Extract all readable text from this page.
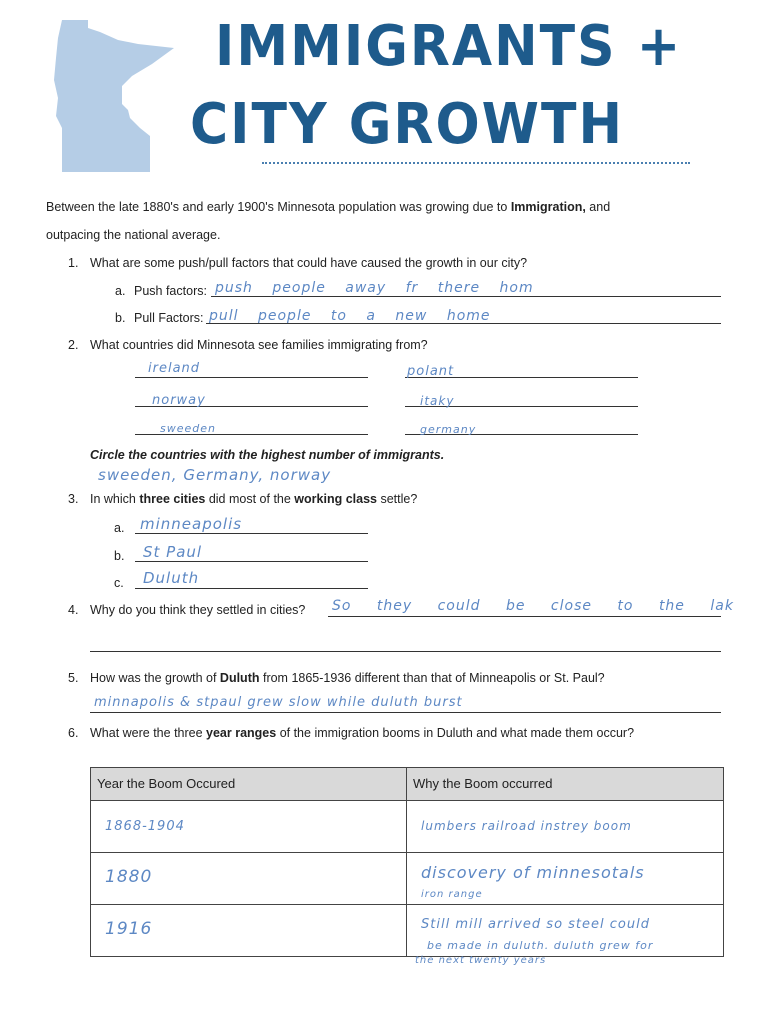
IMMIGRANTS +
CITY GROWTH
Between the late 1880's and early 1900's Minnesota population was growing due to Immigration, and
outpacing the national average.
1. What are some push/pull factors that could have caused the growth in our city?
a. Push factors: push people away fr there hom
b. Pull Factors: pull people to a new home
2. What countries did Minnesota see families immigrating from?
ireland	polant
norway	itaky
sweeden	germany
Circle the countries with the highest number of immigrants.
sweeden, Germany, norway
3. In which three cities did most of the working class settle?
a. minneapolis
b. St Paul
c. Duluth
4. Why do you think they settled in cities? So they could be close to the lak
5. How was the growth of Duluth from 1865-1936 different than that of Minneapolis or St. Paul?
minnapolis & stpaul grew slow while duluth burst
6. What were the three year ranges of the immigration booms in Duluth and what made them occur?
Year the Boom Occured	Why the Boom occurred

1868-1904	lumbers railroad instrey boom

1880	discovery of minnesotals
iron range

1916	Still mill arrived so steel could
be made in duluth. duluth grew for
the next twenty years
